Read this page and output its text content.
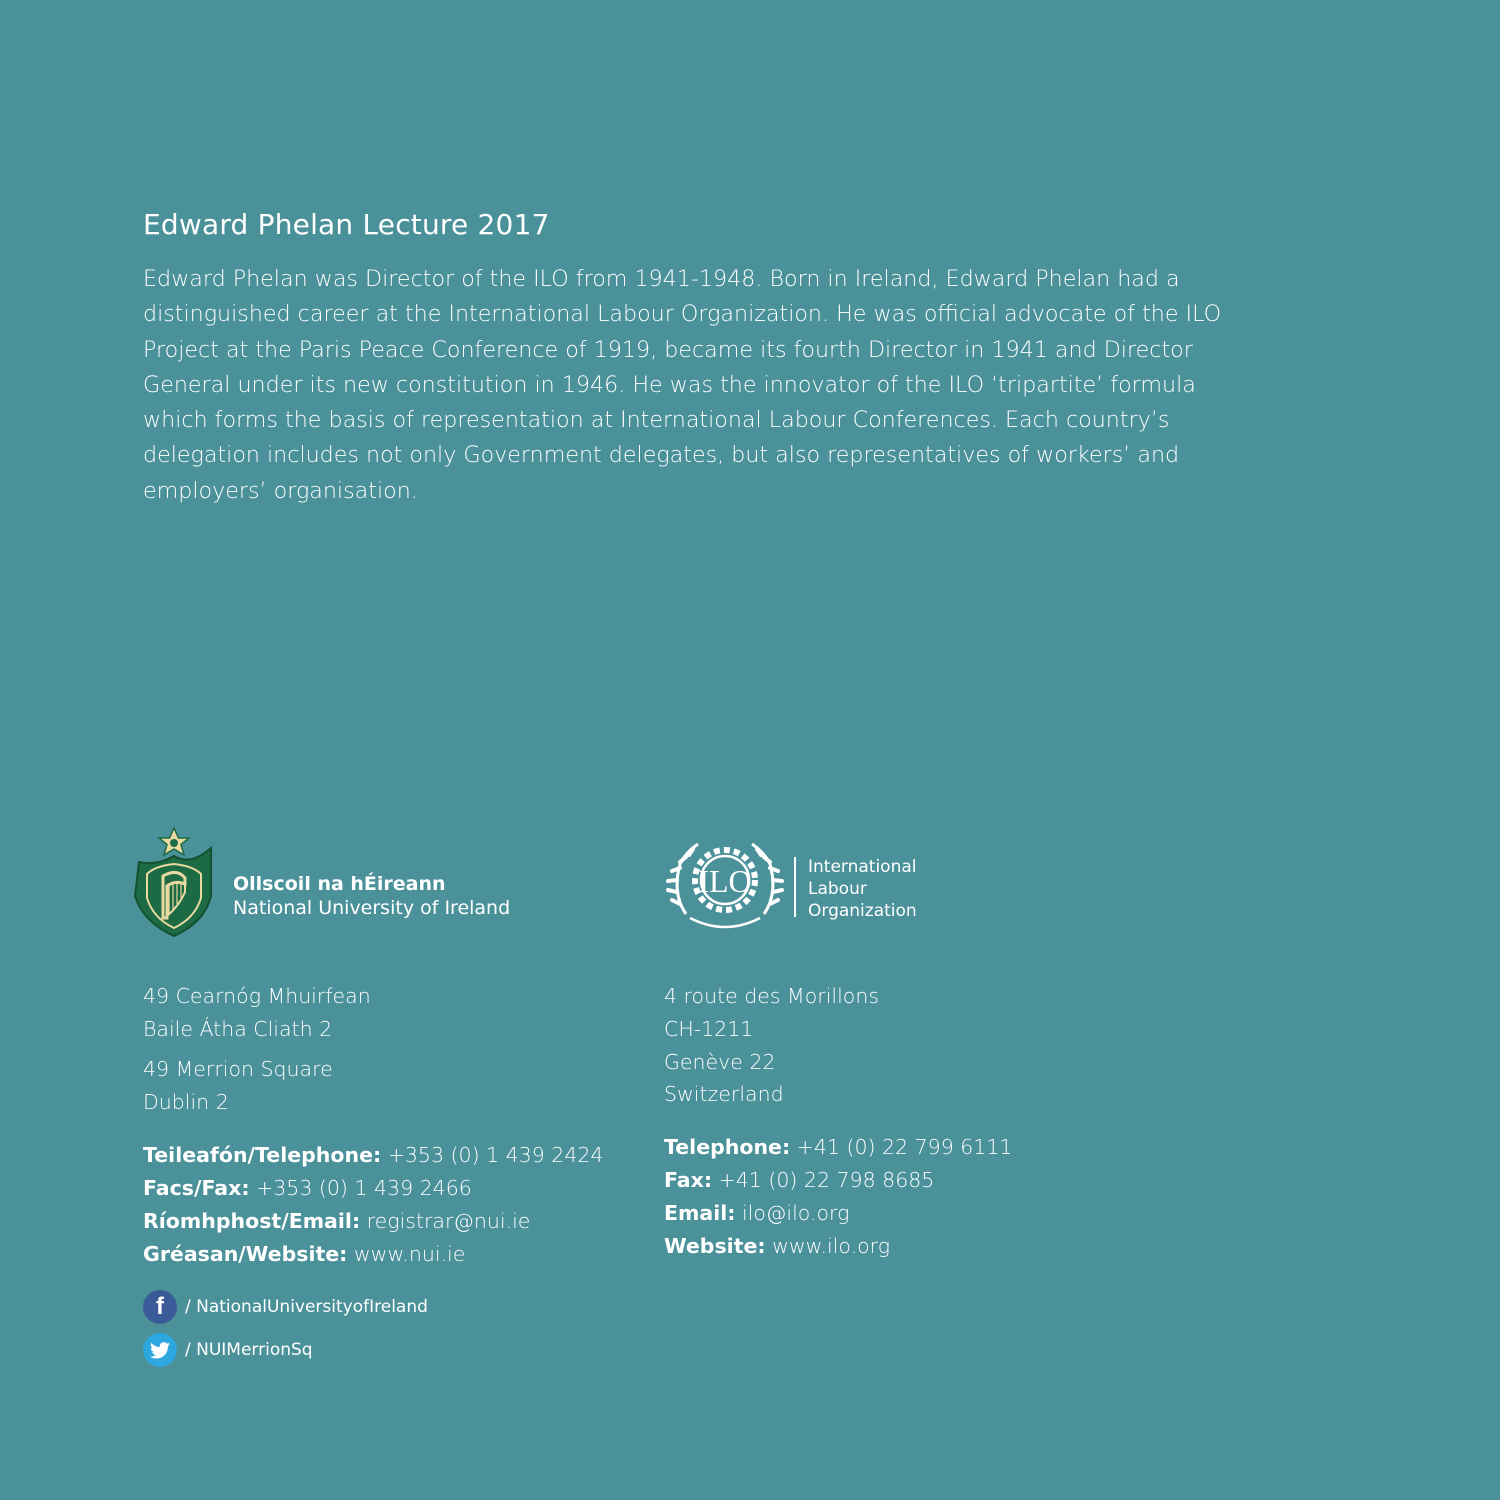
Edward Phelan Lecture 2017

Edward Phelan was Director of the ILO from 1941-1948. Born in Ireland, Edward Phelan had a
distinguished career at the International Labour Organization. He was official advocate of the ILO
Project at the Paris Peace Conference of 1919, became its fourth Director in 1941 and Director
General under its new constitution in 1946. He was the innovator of the ILO ‘tripartite’ formula
which forms the basis of representation at International Labour Conferences. Each country’s
delegation includes not only Government delegates, but also representatives of workers’ and
employers’ organisation.

Ollscoil na hÉireann
National University of Ireland
ILO	International
Labour
Organization
49 Cearnóg Mhuirfean
Baile Átha Cliath 2
49 Merrion Square
Dublin 2
Teileafón/Telephone: +353 (0) 1 439 2424
Facs/Fax: +353 (0) 1 439 2466
Ríomhphost/Email: registrar@nui.ie
Gréasan/Website: www.nui.ie
f	/ NationalUniversityofIreland
/ NUIMerrionSq
4 route des Morillons
CH-1211
Genève 22
Switzerland
Telephone: +41 (0) 22 799 6111
Fax: +41 (0) 22 798 8685
Email: ilo@ilo.org
Website: www.ilo.org
